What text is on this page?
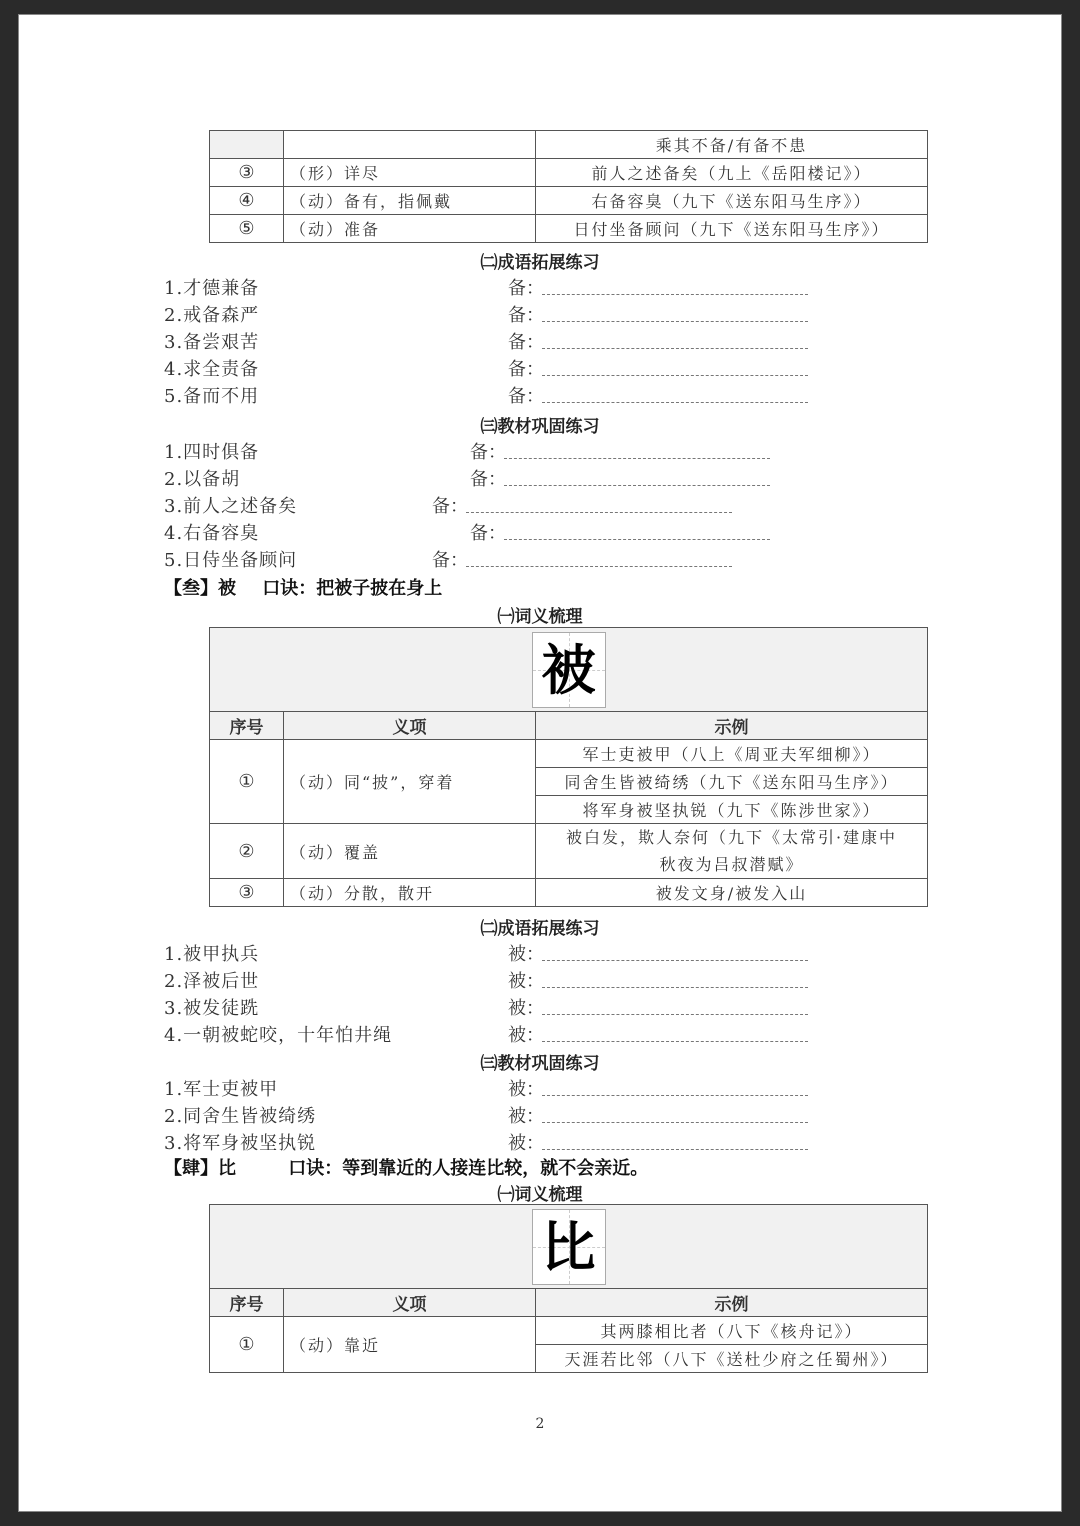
		乘其不备/有备不患
③	（形）详尽	前人之述备矣（九上《岳阳楼记》）
④	（动）备有，指佩戴	右备容臭（九下《送东阳马生序》）
⑤	（动）准备	日付坐备顾问（九下《送东阳马生序》）
㈡成语拓展练习
1.才德兼备	备：
2.戒备森严	备：
3.备尝艰苦	备：
4.求全责备	备：
5.备而不用	备：
㈢教材巩固练习
1.四时俱备	备：
2.以备胡	备：
3.前人之述备矣	备：
4.右备容臭	备：
5.日侍坐备顾问	备：
【叁】被 口诀：把被子披在身上
㈠词义梳理
被		
序号	义项	示例
①	（动）同“披”，穿着	军士吏被甲（八上《周亚夫军细柳》）
		同舍生皆被绮绣（九下《送东阳马生序》）
		将军身被坚执锐（九下《陈涉世家》）
②	（动）覆盖	被白发，欺人奈何（九下《太常引·建康中
秋夜为吕叔潜赋》

③	（动）分散，散开	被发文身/被发入山
㈡成语拓展练习
1.被甲执兵	被：
2.泽被后世	被：
3.被发徒跣	被：
4.一朝被蛇咬，十年怕井绳	被：
㈢教材巩固练习
1.军士吏被甲	被：
2.同舍生皆被绮绣	被：
3.将军身被坚执锐	被：
【肆】比	口诀：等到靠近的人接连比较，就不会亲近。
㈠词义梳理
比		
序号	义项	示例
①	（动）靠近	其两膝相比者（八下《核舟记》）
		天涯若比邻（八下《送杜少府之任蜀州》）
2
